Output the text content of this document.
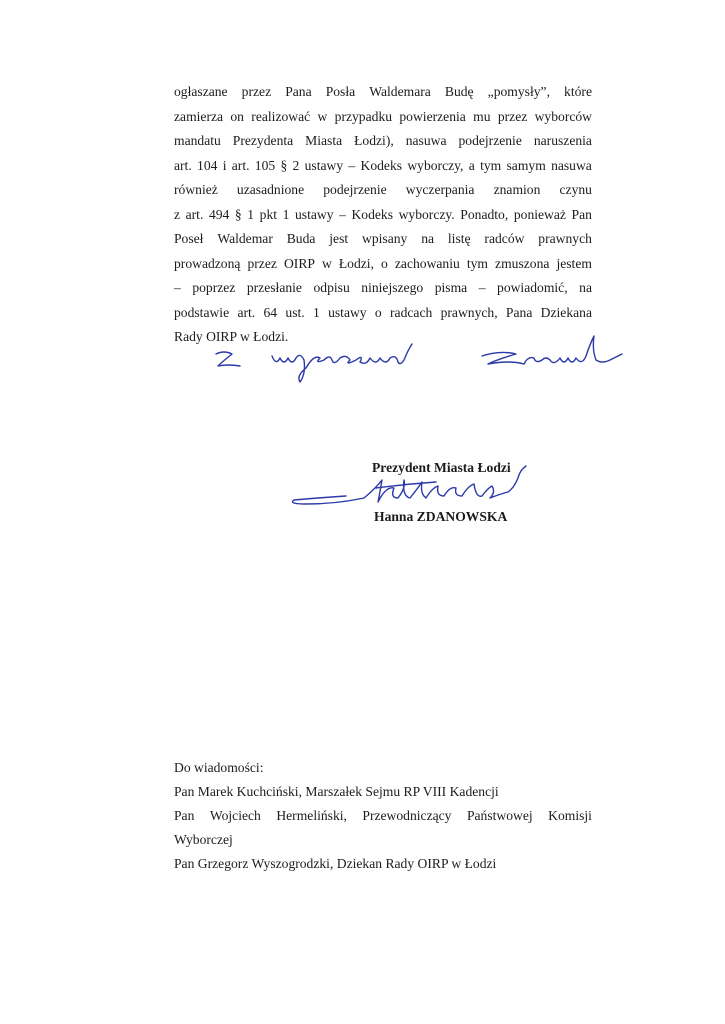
ogłaszane przez Pana Posła Waldemara Budę „pomysły”, które
zamierza on realizować w przypadku powierzenia mu przez wyborców
mandatu Prezydenta Miasta Łodzi), nasuwa podejrzenie naruszenia
art. 104 i art. 105 § 2 ustawy – Kodeks wyborczy, a tym samym nasuwa
również uzasadnione podejrzenie wyczerpania znamion czynu
z art. 494 § 1 pkt 1 ustawy – Kodeks wyborczy. Ponadto, ponieważ Pan
Poseł Waldemar Buda jest wpisany na listę radców prawnych
prowadzoną przez OIRP w Łodzi, o zachowaniu tym zmuszona jestem
– poprzez przesłanie odpisu niniejszego pisma – powiadomić, na
podstawie art. 64 ust. 1 ustawy o radcach prawnych, Pana Dziekana
Rady OIRP w Łodzi.
Prezydent Miasta Łodzi
Hanna ZDANOWSKA
Do wiadomości:
Pan Marek Kuchciński, Marszałek Sejmu RP VIII Kadencji
Pan Wojciech Hermeliński, Przewodniczący Państwowej Komisji
Wyborczej
Pan Grzegorz Wyszogrodzki, Dziekan Rady OIRP w Łodzi
